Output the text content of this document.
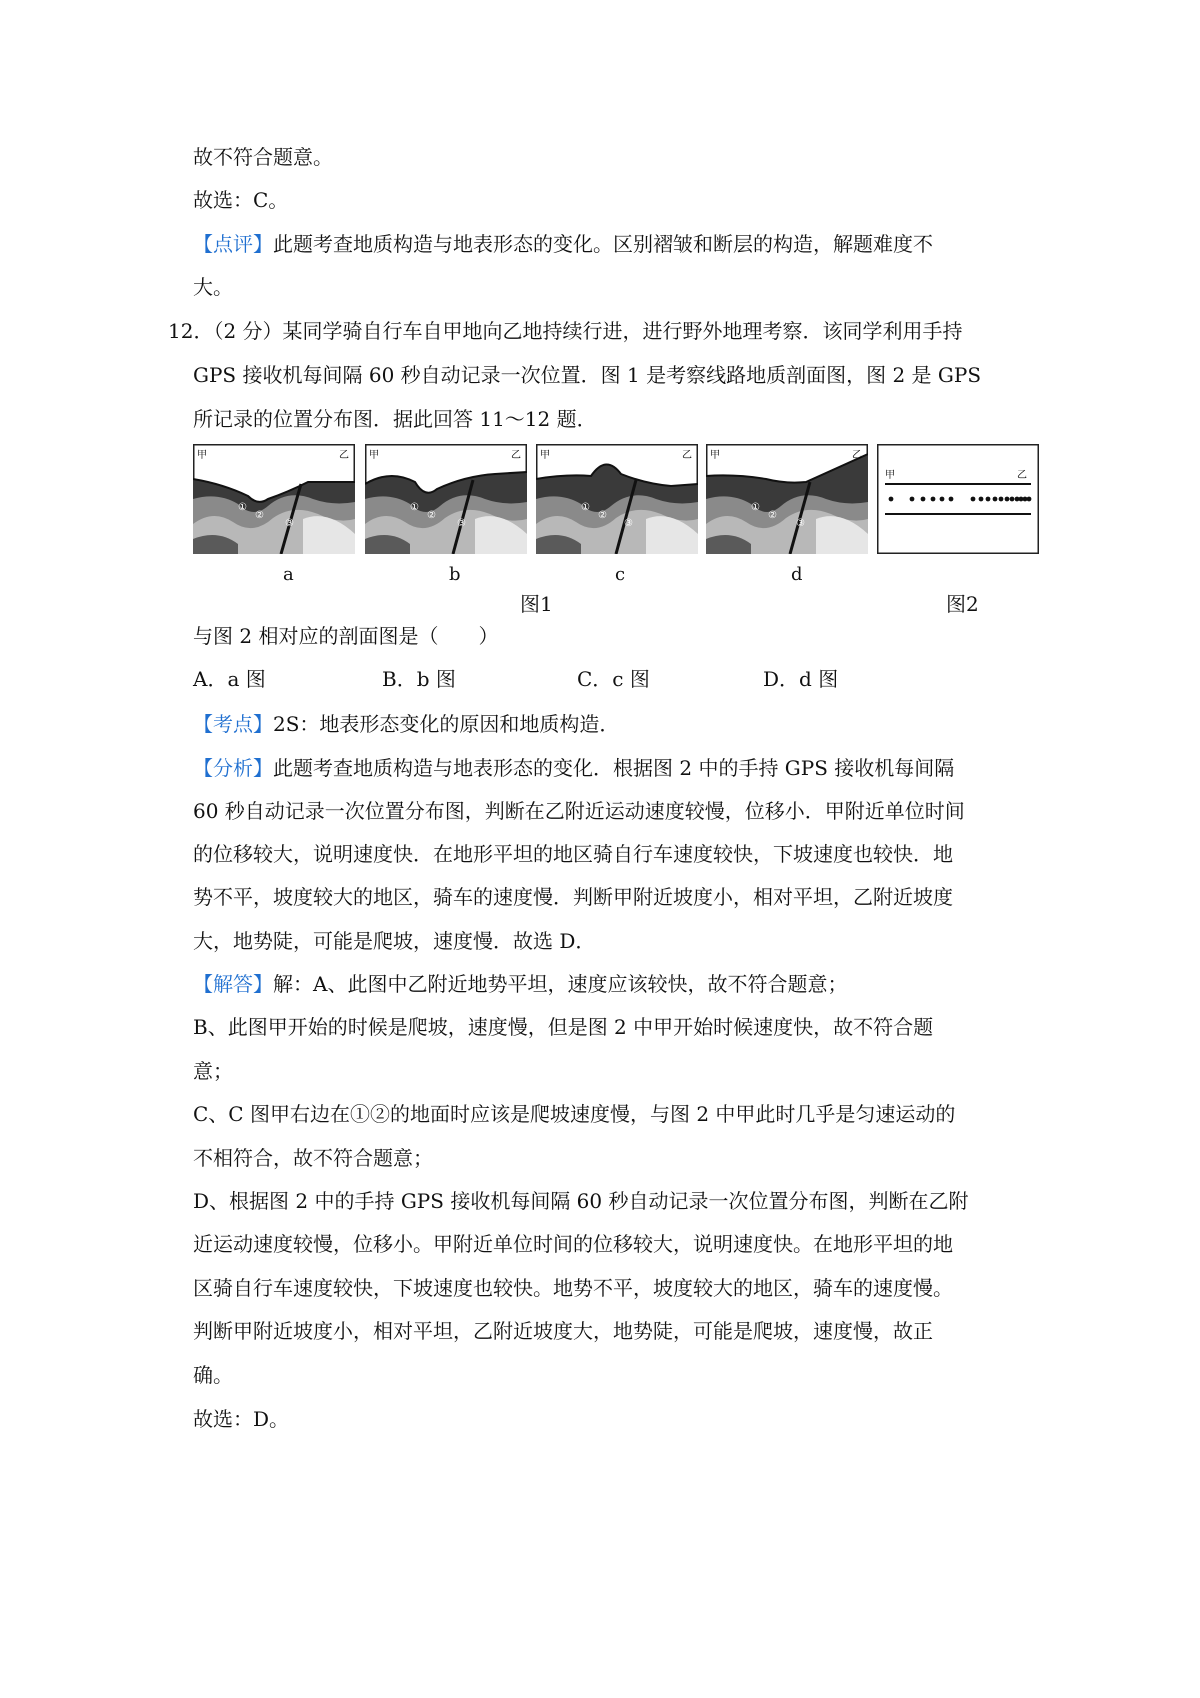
故不符合题意。
故选：C。
【点评】此题考查地质构造与地表形态的变化。区别褶皱和断层的构造，解题难度不
大。
12．（2 分）某同学骑自行车自甲地向乙地持续行进，进行野外地理考察．该同学利用手持
GPS 接收机每间隔 60 秒自动记录一次位置．图 1 是考察线路地质剖面图，图 2 是 GPS
所记录的位置分布图．据此回答 11～12 题．
甲	乙
①
②
③
甲	乙
①
②
③
甲	乙
①
②
③
甲	乙
①
②
③
甲	乙
a	b	c	d
图1	图2
与图 2 相对应的剖面图是（　　）
A．a 图	B．b 图	C．c 图	D．d 图
【考点】2S：地表形态变化的原因和地质构造．
【分析】此题考查地质构造与地表形态的变化．根据图 2 中的手持 GPS 接收机每间隔
60 秒自动记录一次位置分布图，判断在乙附近运动速度较慢，位移小．甲附近单位时间
的位移较大，说明速度快．在地形平坦的地区骑自行车速度较快，下坡速度也较快．地
势不平，坡度较大的地区，骑车的速度慢．判断甲附近坡度小，相对平坦，乙附近坡度
大，地势陡，可能是爬坡，速度慢．故选 D．
【解答】解：A、此图中乙附近地势平坦，速度应该较快，故不符合题意；
B、此图甲开始的时候是爬坡，速度慢，但是图 2 中甲开始时候速度快，故不符合题
意；
C、C 图甲右边在①②的地面时应该是爬坡速度慢，与图 2 中甲此时几乎是匀速运动的
不相符合，故不符合题意；
D、根据图 2 中的手持 GPS 接收机每间隔 60 秒自动记录一次位置分布图，判断在乙附
近运动速度较慢，位移小。甲附近单位时间的位移较大，说明速度快。在地形平坦的地
区骑自行车速度较快，下坡速度也较快。地势不平，坡度较大的地区，骑车的速度慢。
判断甲附近坡度小，相对平坦，乙附近坡度大，地势陡，可能是爬坡，速度慢，故正
确。
故选：D。
